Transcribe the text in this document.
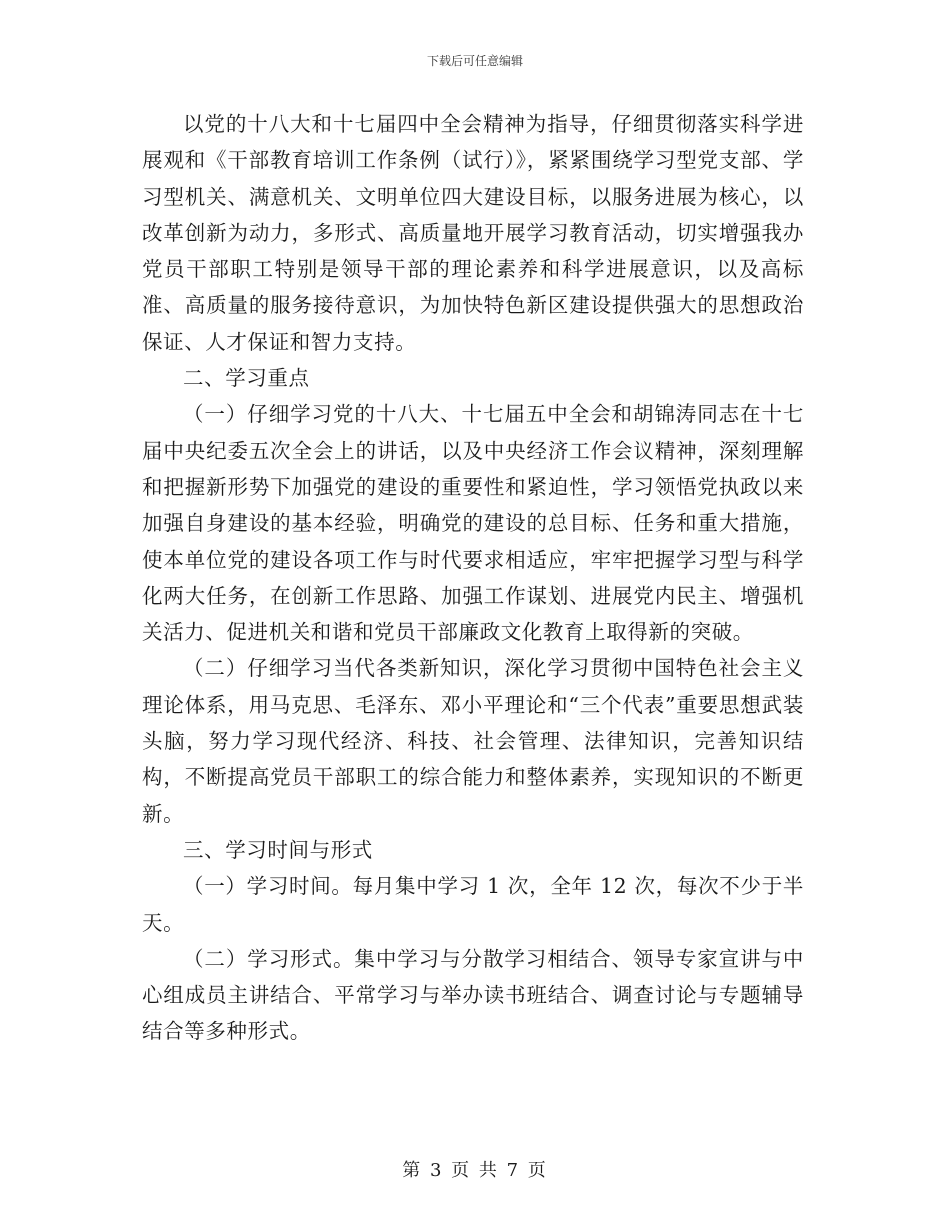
下载后可任意编辑

以党的十八大和十七届四中全会精神为指导，仔细贯彻落实科学进展观和《干部教育培训工作条例（试行）》，紧紧围绕学习型党支部、学习型机关、满意机关、文明单位四大建设目标，以服务进展为核心，以改革创新为动力，多形式、高质量地开展学习教育活动，切实增强我办党员干部职工特别是领导干部的理论素养和科学进展意识，以及高标准、高质量的服务接待意识，为加快特色新区建设提供强大的思想政治保证、人才保证和智力支持。

二、学习重点

（一）仔细学习党的十八大、十七届五中全会和胡锦涛同志在十七届中央纪委五次全会上的讲话，以及中央经济工作会议精神，深刻理解和把握新形势下加强党的建设的重要性和紧迫性，学习领悟党执政以来加强自身建设的基本经验，明确党的建设的总目标、任务和重大措施，使本单位党的建设各项工作与时代要求相适应，牢牢把握学习型与科学化两大任务，在创新工作思路、加强工作谋划、进展党内民主、增强机关活力、促进机关和谐和党员干部廉政文化教育上取得新的突破。

（二）仔细学习当代各类新知识，深化学习贯彻中国特色社会主义理论体系，用马克思、毛泽东、邓小平理论和“三个代表”重要思想武装头脑，努力学习现代经济、科技、社会管理、法律知识，完善知识结构，不断提高党员干部职工的综合能力和整体素养，实现知识的不断更新。

三、学习时间与形式

（一）学习时间。每月集中学习 1 次，全年 12 次，每次不少于半天。

（二）学习形式。集中学习与分散学习相结合、领导专家宣讲与中心组成员主讲结合、平常学习与举办读书班结合、调查讨论与专题辅导结合等多种形式。

第 3 页 共 7 页
